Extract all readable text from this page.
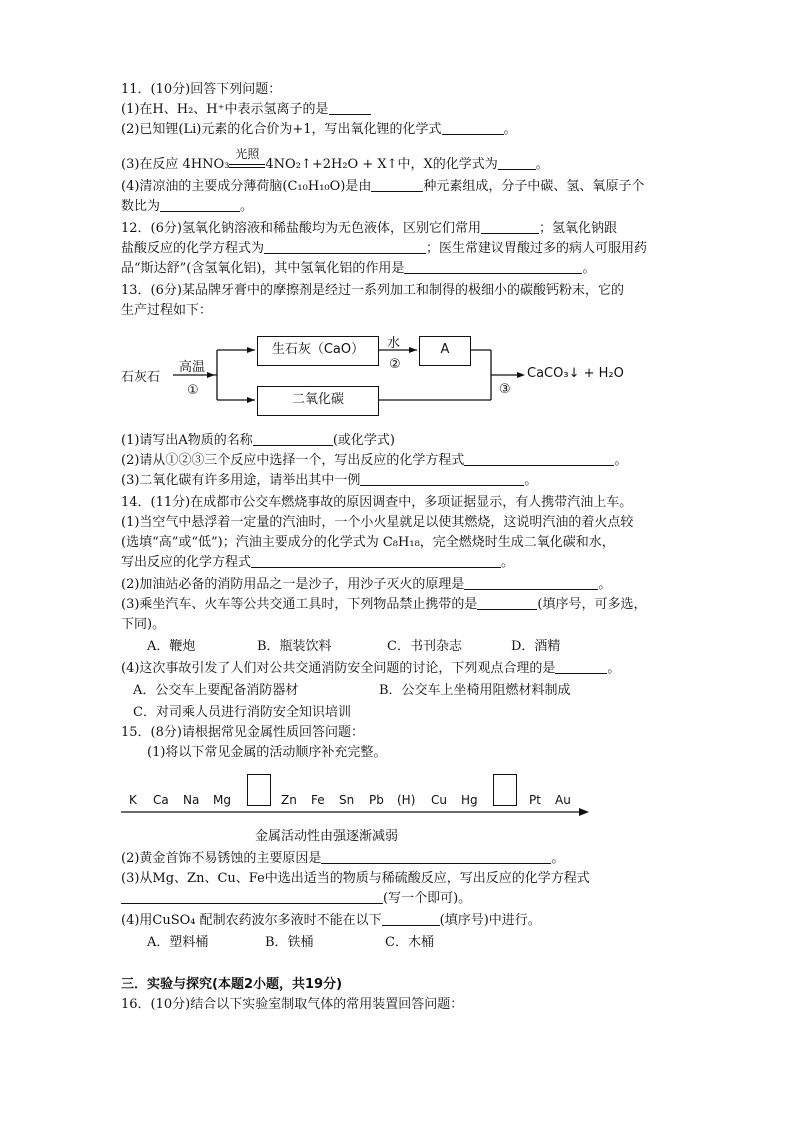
11．(10分)回答下列问题：
(1)在H、H₂、H⁺中表示氢离子的是
(2)已知锂(Li)元素的化合价为+1，写出氧化锂的化学式	。
(3)在反应 4HNO₃
光照
4NO₂↑+2H₂O + X↑中，X的化学式为	。
(4)清凉油的主要成分薄荷脑(C₁₀H₁₀O)是由	种元素组成，分子中碳、氢、氧原子个
数比为	。
12．(6分)氢氧化钠溶液和稀盐酸均为无色液体，区别它们常用	；氢氧化钠跟
盐酸反应的化学方程式为	；医生常建议胃酸过多的病人可服用药
品“斯达舒”(含氢氧化铝)，其中氢氧化铝的作用是	。
13．(6分)某品牌牙膏中的摩擦剂是经过一系列加工和制得的极细小的碳酸钙粉末，它的
生产过程如下：
石灰石
高温
①
生石灰（CaO）	水
②
A
二氧化碳
③
CaCO₃↓ + H₂O
(1)请写出A物质的名称	(或化学式)
(2)请从①②③三个反应中选择一个，写出反应的化学方程式	。
(3)二氧化碳有许多用途，请举出其中一例	。
14．(11分)在成都市公交车燃烧事故的原因调查中，多项证据显示，有人携带汽油上车。
(1)当空气中悬浮着一定量的汽油时，一个小火星就足以使其燃烧，这说明汽油的着火点较
(选填“高”或“低”)；汽油主要成分的化学式为 C₈H₁₈，完全燃烧时生成二氧化碳和水，
写出反应的化学方程式	。
(2)加油站必备的消防用品之一是沙子，用沙子灭火的原理是	。
(3)乘坐汽车、火车等公共交通工具时，下列物品禁止携带的是	(填序号，可多选，
下同)。
A．鞭炮	B．瓶装饮料	C．书刊杂志	D．酒精
(4)这次事故引发了人们对公共交通消防安全问题的讨论，下列观点合理的是	。
A．公交车上要配备消防器材	B．公交车上坐椅用阻燃材料制成
C．对司乘人员进行消防安全知识培训
15．(8分)请根据常见金属性质回答问题：
(1)将以下常见金属的活动顺序补充完整。
K Ca Na Mg	Zn Fe Sn Pb (H) Cu Hg	Pt Au
金属活动性由强逐渐减弱
(2)黄金首饰不易锈蚀的主要原因是	。
(3)从Mg、Zn、Cu、Fe中选出适当的物质与稀硫酸反应，写出反应的化学方程式
(写一个即可)。
(4)用CuSO₄ 配制农药波尔多液时不能在以下	(填序号)中进行。
A．塑料桶	B．铁桶	C．木桶
三．实验与探究(本题2小题，共19分)
16．(10分)结合以下实验室制取气体的常用装置回答问题：
